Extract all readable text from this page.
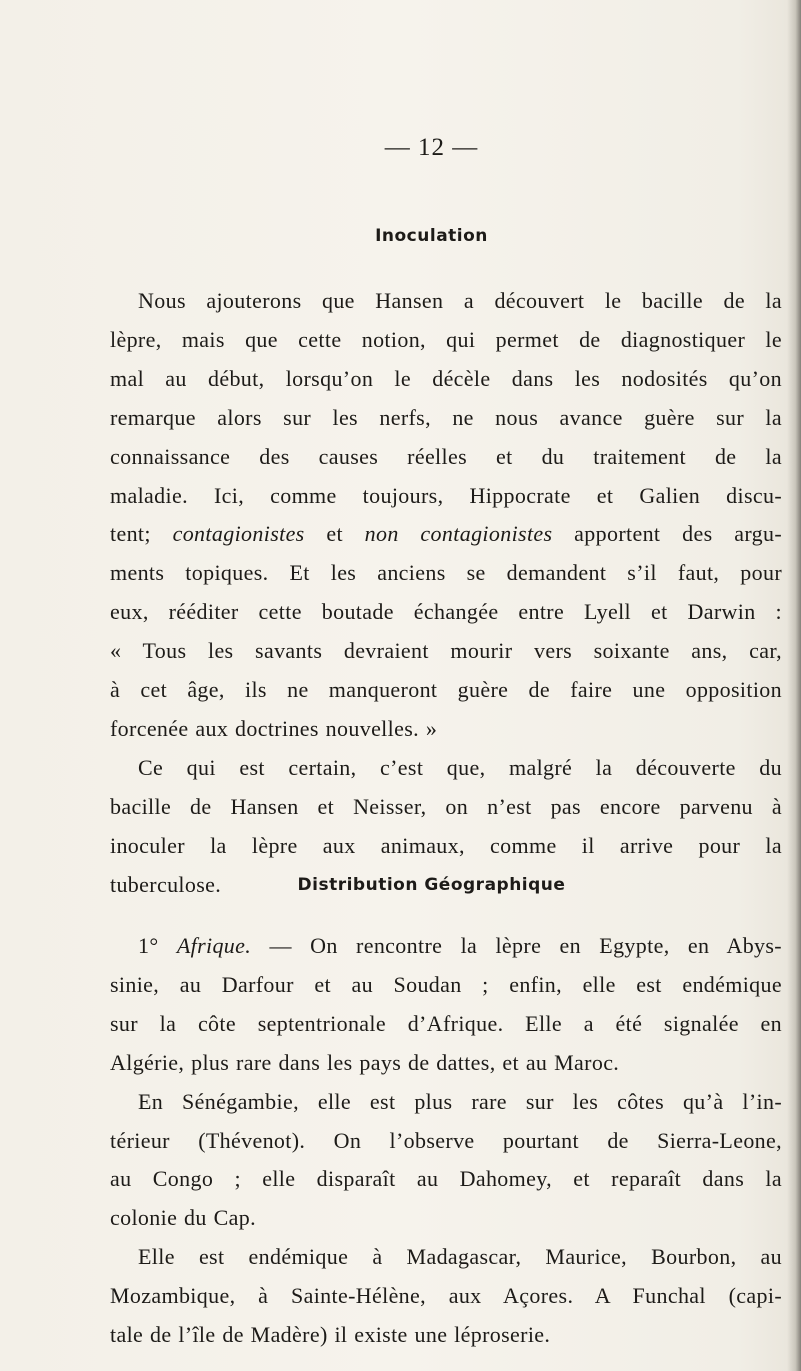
— 12 —
Inoculation

Nous ajouterons que Hansen a découvert le bacille de la
lèpre, mais que cette notion, qui permet de diagnostiquer le
mal au début, lorsqu’on le décèle dans les nodosités qu’on
remarque alors sur les nerfs, ne nous avance guère sur la
connaissance des causes réelles et du traitement de la
maladie. Ici, comme toujours, Hippocrate et Galien discu-
tent; contagionistes et non contagionistes apportent des argu-
ments topiques. Et les anciens se demandent s’il faut, pour
eux, rééditer cette boutade échangée entre Lyell et Darwin :
« Tous les savants devraient mourir vers soixante ans, car,
à cet âge, ils ne manqueront guère de faire une opposition
forcenée aux doctrines nouvelles. »

Ce qui est certain, c’est que, malgré la découverte du
bacille de Hansen et Neisser, on n’est pas encore parvenu à
inoculer la lèpre aux animaux, comme il arrive pour la
tuberculose.	Distribution Géographique

1° Afrique. — On rencontre la lèpre en Egypte, en Abys-
sinie, au Darfour et au Soudan ; enfin, elle est endémique
sur la côte septentrionale d’Afrique. Elle a été signalée en
Algérie, plus rare dans les pays de dattes, et au Maroc.

En Sénégambie, elle est plus rare sur les côtes qu’à l’in-
térieur (Thévenot). On l’observe pourtant de Sierra-Leone,
au Congo ; elle disparaît au Dahomey, et reparaît dans la
colonie du Cap.

Elle est endémique à Madagascar, Maurice, Bourbon, au
Mozambique, à Sainte-Hélène, aux Açores. A Funchal (capi-
tale de l’île de Madère) il existe une léproserie.
